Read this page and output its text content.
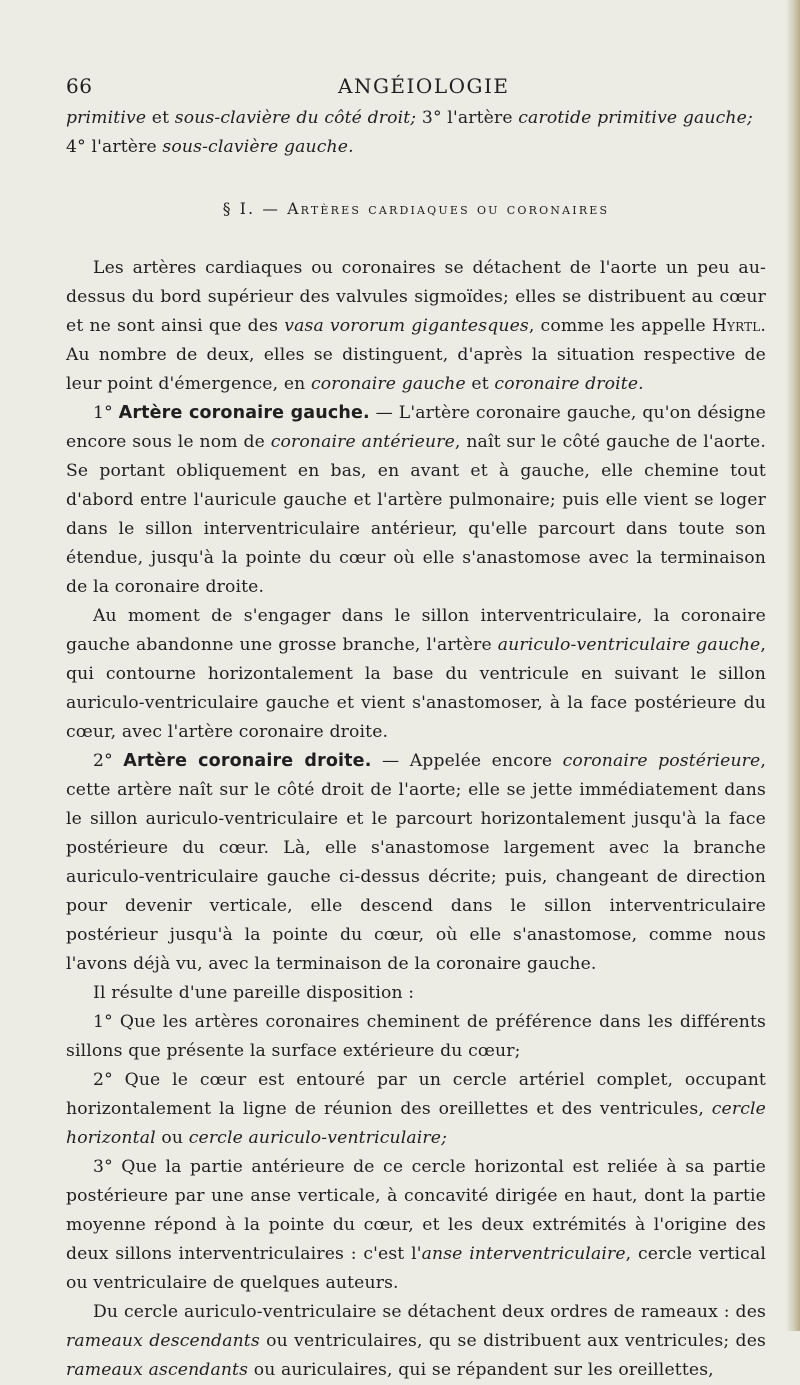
66	ANGÉIOLOGIE

primitive et sous-clavière du côté droit; 3° l'artère carotide primitive gauche;
4° l'artère sous-clavière gauche.

§ I. — Artères cardiaques ou coronaires

Les artères cardiaques ou coronaires se détachent de l'aorte un peu au-dessus du bord supérieur des valvules sigmoïdes; elles se distribuent au cœur et ne sont ainsi que des vasa vororum gigantesques, comme les appelle Hyrtl. Au nombre de deux, elles se distinguent, d'après la situation respective de leur point d'émergence, en coronaire gauche et coronaire droite.

1° Artère coronaire gauche. — L'artère coronaire gauche, qu'on désigne encore sous le nom de coronaire antérieure, naît sur le côté gauche de l'aorte. Se portant obliquement en bas, en avant et à gauche, elle chemine tout d'abord entre l'auricule gauche et l'artère pulmonaire; puis elle vient se loger dans le sillon interventriculaire antérieur, qu'elle parcourt dans toute son étendue, jusqu'à la pointe du cœur où elle s'anastomose avec la terminaison de la coronaire droite.

Au moment de s'engager dans le sillon interventriculaire, la coronaire gauche abandonne une grosse branche, l'artère auriculo-ventriculaire gauche, qui contourne horizontalement la base du ventricule en suivant le sillon auriculo-ventriculaire gauche et vient s'anastomoser, à la face postérieure du cœur, avec l'artère coronaire droite.

2° Artère coronaire droite. — Appelée encore coronaire postérieure, cette artère naît sur le côté droit de l'aorte; elle se jette immédiatement dans le sillon auriculo-ventriculaire et le parcourt horizontalement jusqu'à la face postérieure du cœur. Là, elle s'anastomose largement avec la branche auriculo-ventriculaire gauche ci-dessus décrite; puis, changeant de direction pour devenir verticale, elle descend dans le sillon interventriculaire postérieur jusqu'à la pointe du cœur, où elle s'anastomose, comme nous l'avons déjà vu, avec la terminaison de la coronaire gauche.

Il résulte d'une pareille disposition :

1° Que les artères coronaires cheminent de préférence dans les différents sillons que présente la surface extérieure du cœur;

2° Que le cœur est entouré par un cercle artériel complet, occupant horizontalement la ligne de réunion des oreillettes et des ventricules, cercle horizontal ou cercle auriculo-ventriculaire;

3° Que la partie antérieure de ce cercle horizontal est reliée à sa partie postérieure par une anse verticale, à concavité dirigée en haut, dont la partie moyenne répond à la pointe du cœur, et les deux extrémités à l'origine des deux sillons interventriculaires : c'est l'anse interventriculaire, cercle vertical ou ventriculaire de quelques auteurs.

Du cercle auriculo-ventriculaire se détachent deux ordres de rameaux : des rameaux descendants ou ventriculaires, qu se distribuent aux ventricules; des rameaux ascendants ou auriculaires, qui se répandent sur les oreillettes,
